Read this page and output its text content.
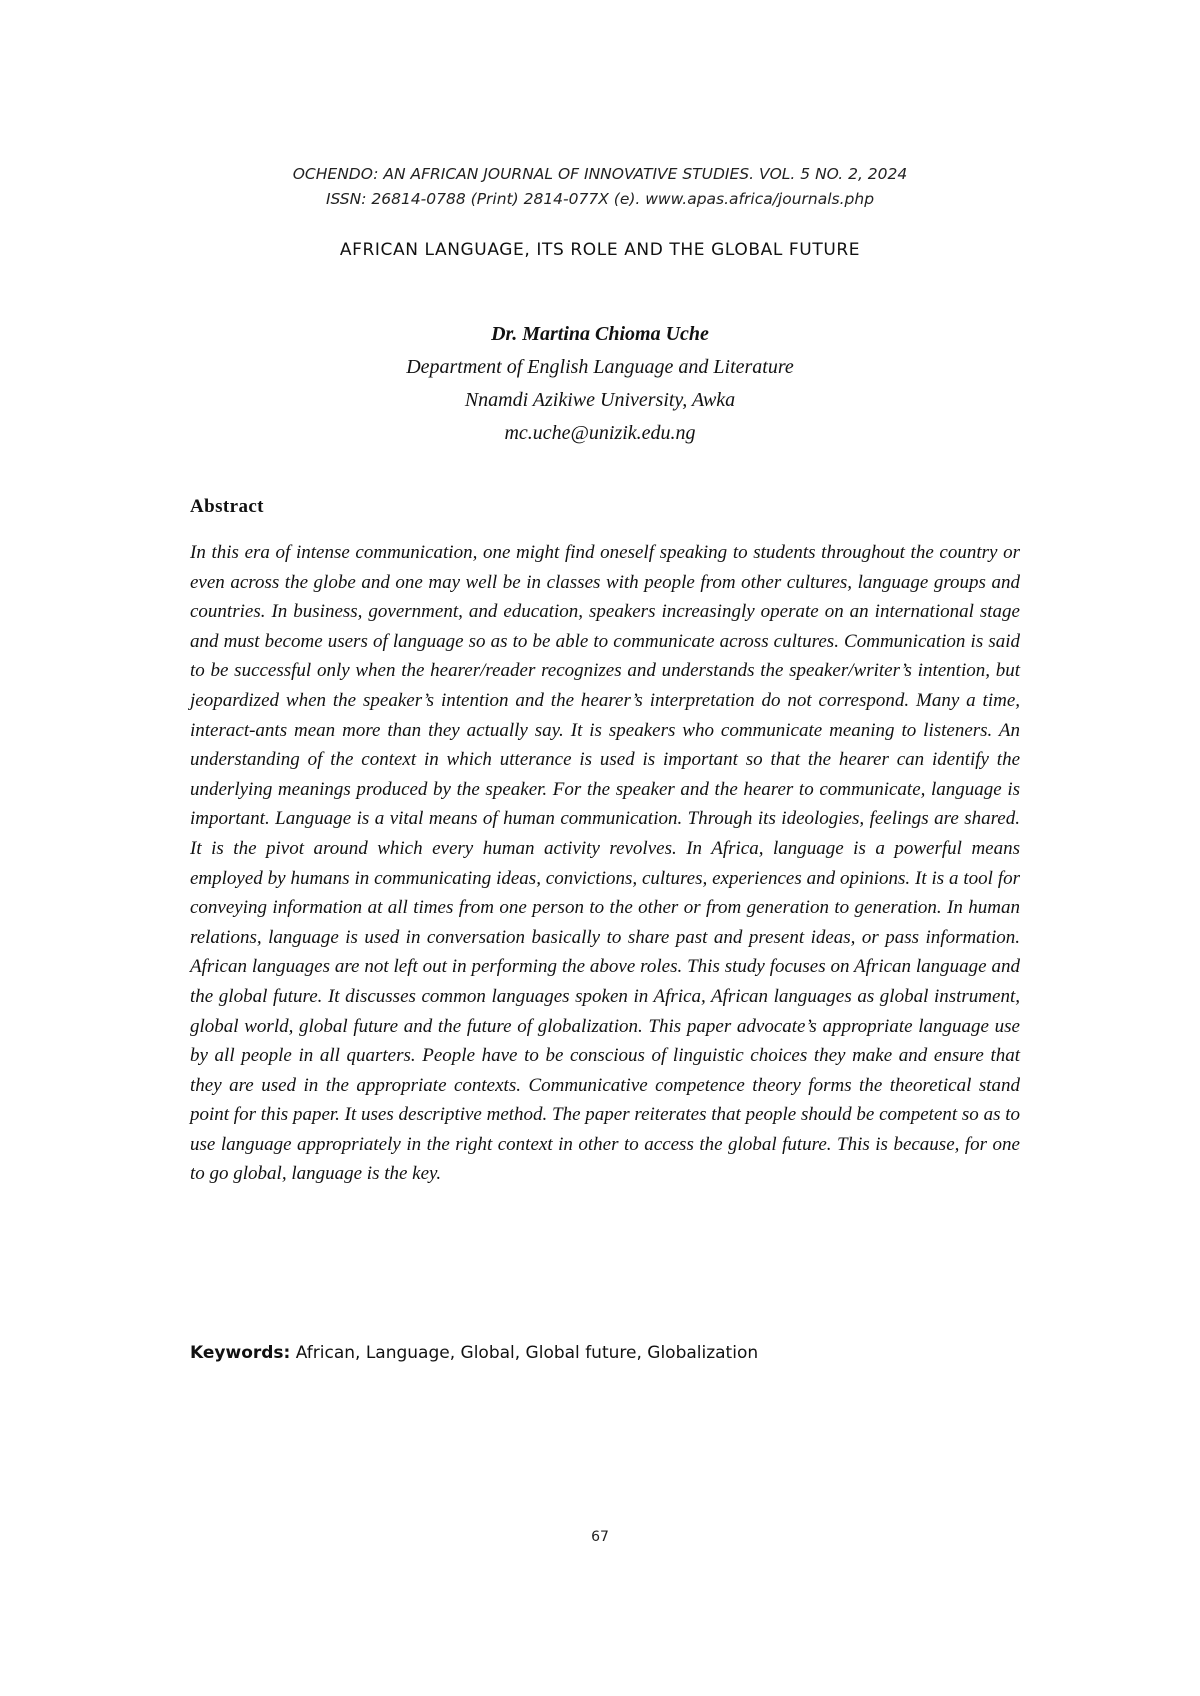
OCHENDO: AN AFRICAN JOURNAL OF INNOVATIVE STUDIES. VOL. 5 NO. 2, 2024
ISSN: 26814-0788 (Print) 2814-077X (e). www.apas.africa/journals.php
AFRICAN LANGUAGE, ITS ROLE AND THE GLOBAL FUTURE
Dr. Martina Chioma Uche
Department of English Language and Literature
Nnamdi Azikiwe University, Awka
mc.uche@unizik.edu.ng
Abstract
In this era of intense communication, one might find oneself speaking to students throughout the country or even across the globe and one may well be in classes with people from other cultures, language groups and countries. In business, government, and education, speakers increasingly operate on an international stage and must become users of language so as to be able to communicate across cultures. Communication is said to be successful only when the hearer/reader recognizes and understands the speaker/writer’s intention, but jeopardized when the speaker’s intention and the hearer’s interpretation do not correspond. Many a time, interact-ants mean more than they actually say. It is speakers who communicate meaning to listeners. An understanding of the context in which utterance is used is important so that the hearer can identify the underlying meanings produced by the speaker. For the speaker and the hearer to communicate, language is important. Language is a vital means of human communication. Through its ideologies, feelings are shared. It is the pivot around which every human activity revolves. In Africa, language is a powerful means employed by humans in communicating ideas, convictions, cultures, experiences and opinions. It is a tool for conveying information at all times from one person to the other or from generation to generation. In human relations, language is used in conversation basically to share past and present ideas, or pass information. African languages are not left out in performing the above roles. This study focuses on African language and the global future. It discusses common languages spoken in Africa, African languages as global instrument, global world, global future and the future of globalization. This paper advocate’s appropriate language use by all people in all quarters. People have to be conscious of linguistic choices they make and ensure that they are used in the appropriate contexts. Communicative competence theory forms the theoretical stand point for this paper. It uses descriptive method. The paper reiterates that people should be competent so as to use language appropriately in the right context in other to access the global future. This is because, for one to go global, language is the key.
Keywords: African, Language, Global, Global future, Globalization
67
